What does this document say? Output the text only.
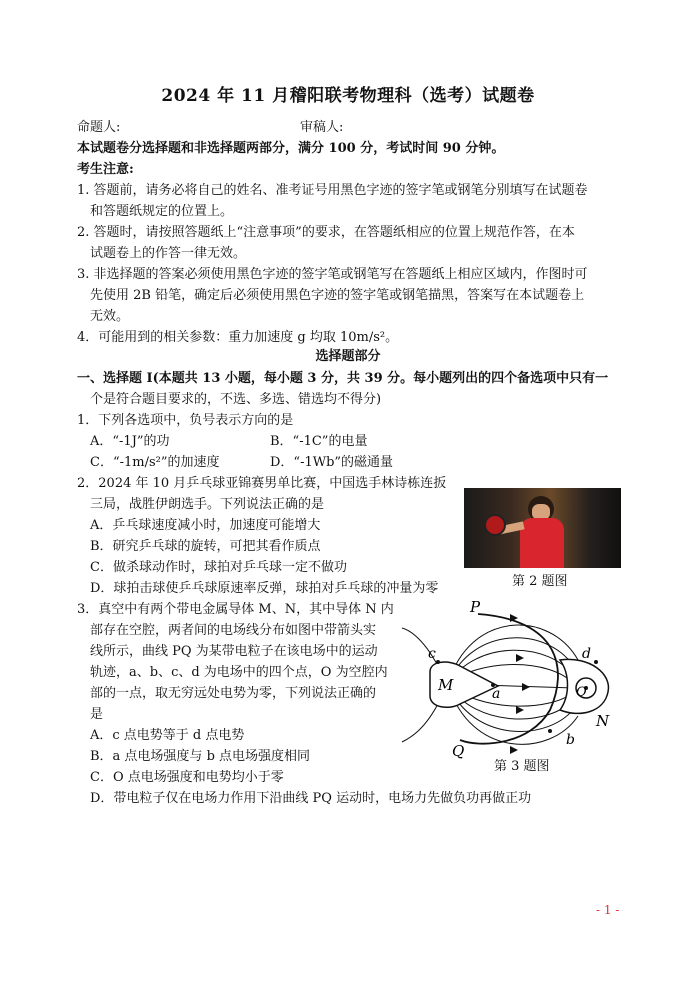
2024 年 11 月稽阳联考物理科（选考）试题卷
命题人:	审稿人:
本试题卷分选择题和非选择题两部分，满分 100 分，考试时间 90 分钟。
考生注意:
1. 答题前，请务必将自己的姓名、准考证号用黑色字迹的签字笔或钢笔分别填写在试题卷
和答题纸规定的位置上。
2. 答题时，请按照答题纸上“注意事项”的要求，在答题纸相应的位置上规范作答，在本
试题卷上的作答一律无效。
3. 非选择题的答案必须使用黑色字迹的签字笔或钢笔写在答题纸上相应区域内，作图时可
先使用 2B 铅笔，确定后必须使用黑色字迹的签字笔或钢笔描黑，答案写在本试题卷上
无效。
4．可能用到的相关参数：重力加速度 g 均取 10m/s²。
选择题部分
一、选择题 I(本题共 13 小题，每小题 3 分，共 39 分。每小题列出的四个备选项中只有一
个是符合题目要求的，不选、多选、错选均不得分)
1．下列各选项中，负号表示方向的是
A．“-1J”的功	B．“-1C”的电量
C．“-1m/s²”的加速度	D．“-1Wb”的磁通量
2．2024 年 10 月乒乓球亚锦赛男单比赛，中国选手林诗栋连扳
三局，战胜伊朗选手。下列说法正确的是
A．乒乓球速度减小时，加速度可能增大
B．研究乒乓球的旋转，可把其看作质点
C．做杀球动作时，球拍对乒乓球一定不做功
D．球拍击球使乒乓球原速率反弹，球拍对乒乓球的冲量为零	第 2 题图
3．真空中有两个带电金属导体 M、N，其中导体 N 内
部存在空腔，两者间的电场线分布如图中带箭头实
线所示，曲线 PQ 为某带电粒子在该电场中的运动
轨迹，a、b、c、d 为电场中的四个点，O 为空腔内
部的一点，取无穷远处电势为零，下列说法正确的
是
A．c 点电势等于 d 点电势
B．a 点电场强度与 b 点电场强度相同
C．O 点电场强度和电势均小于零
D．带电粒子仅在电场力作用下沿曲线 PQ 运动时，电场力先做负功再做正功
P
Q
M
N
O
a
b
c	d
第 3 题图
- 1 -
